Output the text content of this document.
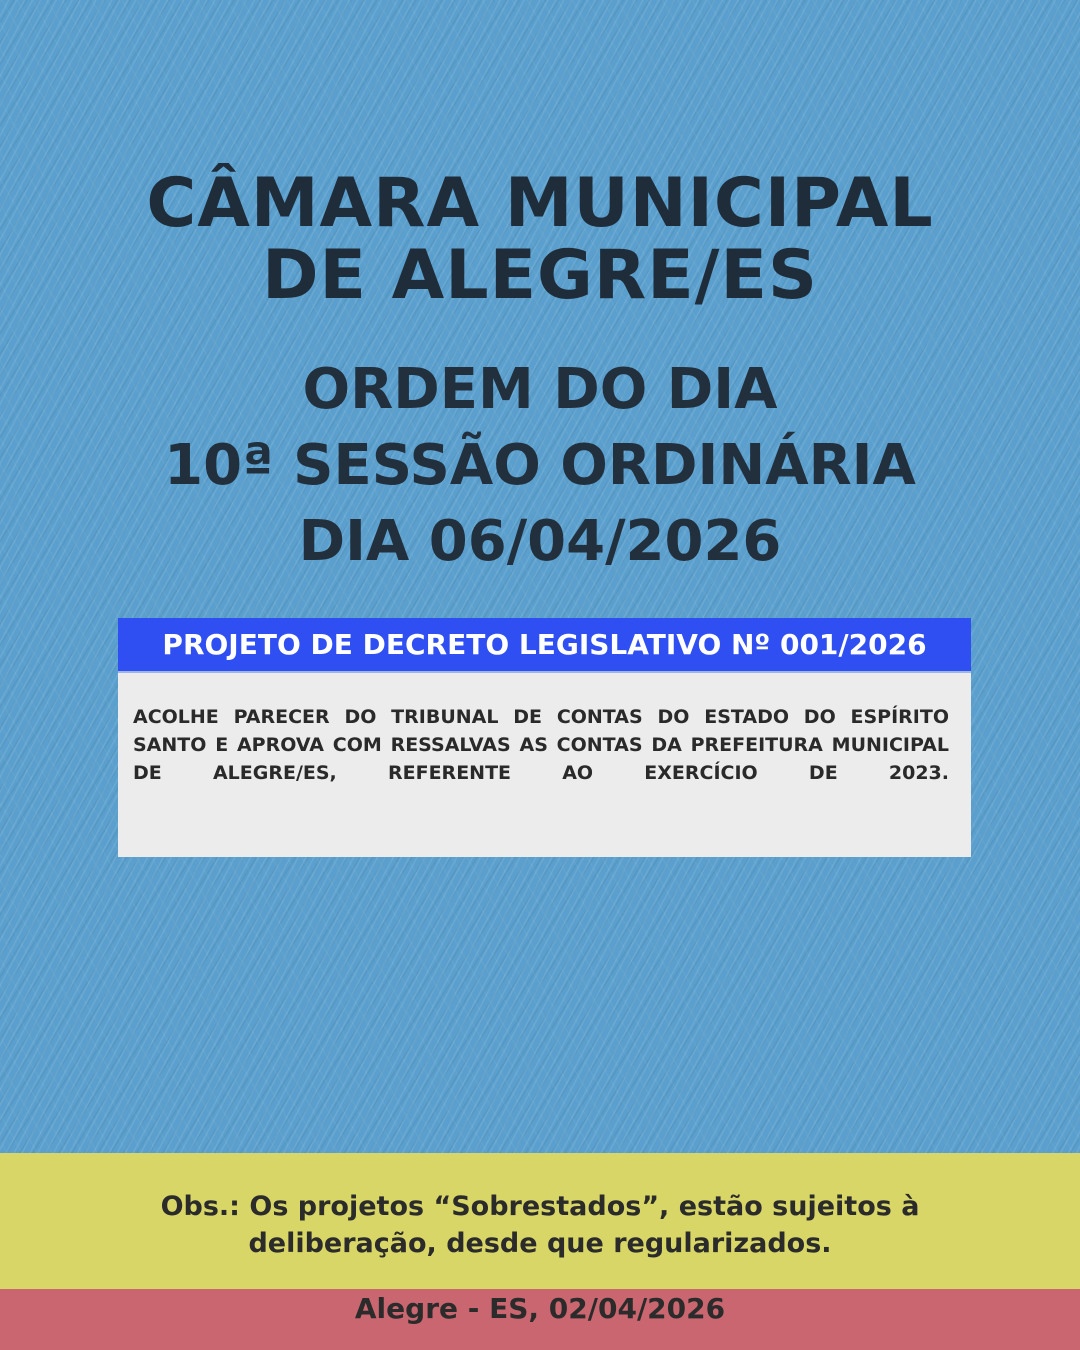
CÂMARA MUNICIPAL
DE ALEGRE/ES
ORDEM DO DIA
10ª SESSÃO ORDINÁRIA
DIA 06/04/2026
PROJETO DE DECRETO LEGISLATIVO Nº 001/2026
ACOLHE PARECER DO TRIBUNAL DE CONTAS DO ESTADO DO ESPÍRITO SANTO E APROVA COM RESSALVAS AS CONTAS DA PREFEITURA MUNICIPAL DE ALEGRE/ES, REFERENTE AO EXERCÍCIO DE 2023.
Obs.: Os projetos “Sobrestados”, estão sujeitos à
deliberação, desde que regularizados.
Alegre - ES, 02/04/2026
